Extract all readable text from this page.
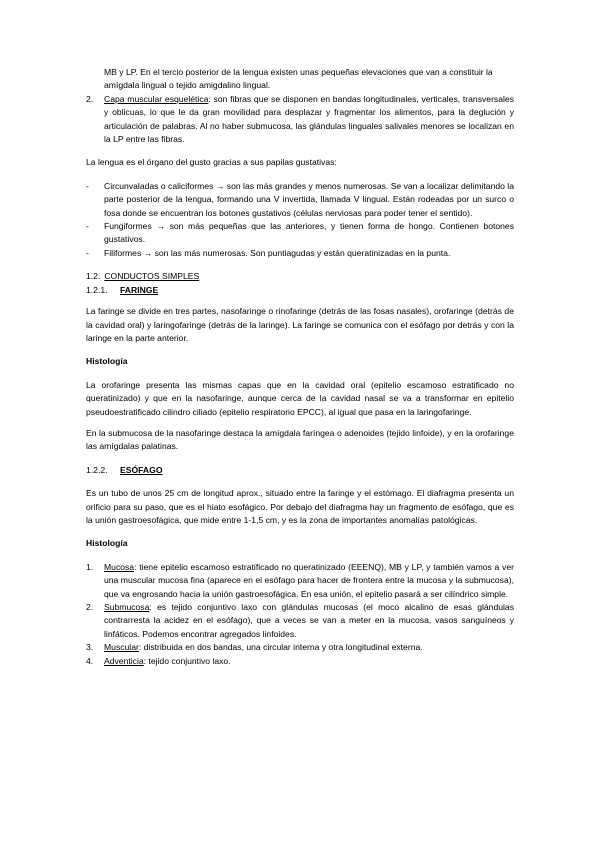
MB y LP. En el tercio posterior de la lengua existen unas pequeñas elevaciones que van a constituir la

amígdala lingual o tejido amigdalino lingual.

2.	Capa muscular esquelética: son fibras que se disponen en bandas longitudinales, verticales, transversales y oblicuas, lo que le da gran movilidad para desplazar y fragmentar los alimentos, para la deglución y articulación de palabras. Al no haber submucosa, las glándulas linguales salivales menores se localizan en la LP entre las fibras.

La lengua es el órgano del gusto gracias a sus papilas gustativas:

-	Circunvaladas o caliciformes → son las más grandes y menos numerosas. Se van a localizar delimitando la parte posterior de la lengua, formando una V invertida, llamada V lingual. Están rodeadas por un surco o fosa donde se encuentran los botones gustativos (células nerviosas para poder tener el sentido).
-	Fungiformes → son más pequeñas que las anteriores, y tienen forma de hongo. Contienen botones gustativos.
-	Filiformes → son las más numerosas. Son puntiagudas y están queratinizadas en la punta.
1.2. CONDUCTOS SIMPLES
1.2.1.	FARINGE

La faringe se divide en tres partes, nasofaringe o rinofaringe (detrás de las fosas nasales), orofaringe (detrás de la cavidad oral) y laringofaringe (detrás de la laringe). La faringe se comunica con el esófago por detrás y con la laringe en la parte anterior.

Histología

La orofaringe presenta las mismas capas que en la cavidad oral (epitelio escamoso estratificado no queratinizado) y que en la nasofaringe, aunque cerca de la cavidad nasal se va a transformar en epitelio pseudoestratificado cilindro ciliado (epitelio respiratorio EPCC), al igual que pasa en la laringofaringe.

En la submucosa de la nasofaringe destaca la amígdala faríngea o adenoides (tejido linfoide), y en la orofaringe las amígdalas palatinas.

1.2.2.	ESÓFAGO

Es un tubo de unos 25 cm de longitud aprox., situado entre la faringe y el estómago. El diafragma presenta un orificio para su paso, que es el hiato esofágico. Por debajo del diafragma hay un fragmento de esófago, que es la unión gastroesofágica, que mide entre 1-1,5 cm, y es la zona de importantes anomalías patológicas.

Histología

1.	Mucosa: tiene epitelio escamoso estratificado no queratinizado (EEENQ), MB y LP, y también vamos a ver una muscular mucosa fina (aparece en el esófago para hacer de frontera entre la mucosa y la submucosa), que va engrosando hacia la unión gastroesofágica. En esa unión, el epitelio pasará a ser cilíndrico simple.
2.	Submucosa: es tejido conjuntivo laxo con glándulas mucosas (el moco alcalino de esas glándulas contrarresta la acidez en el esófago), que a veces se van a meter en la mucosa, vasos sanguíneos y linfáticos. Podemos encontrar agregados linfoides.
3.	Muscular: distribuida en dos bandas, una circular interna y otra longitudinal externa.
4.	Adventicia: tejido conjuntivo laxo.
